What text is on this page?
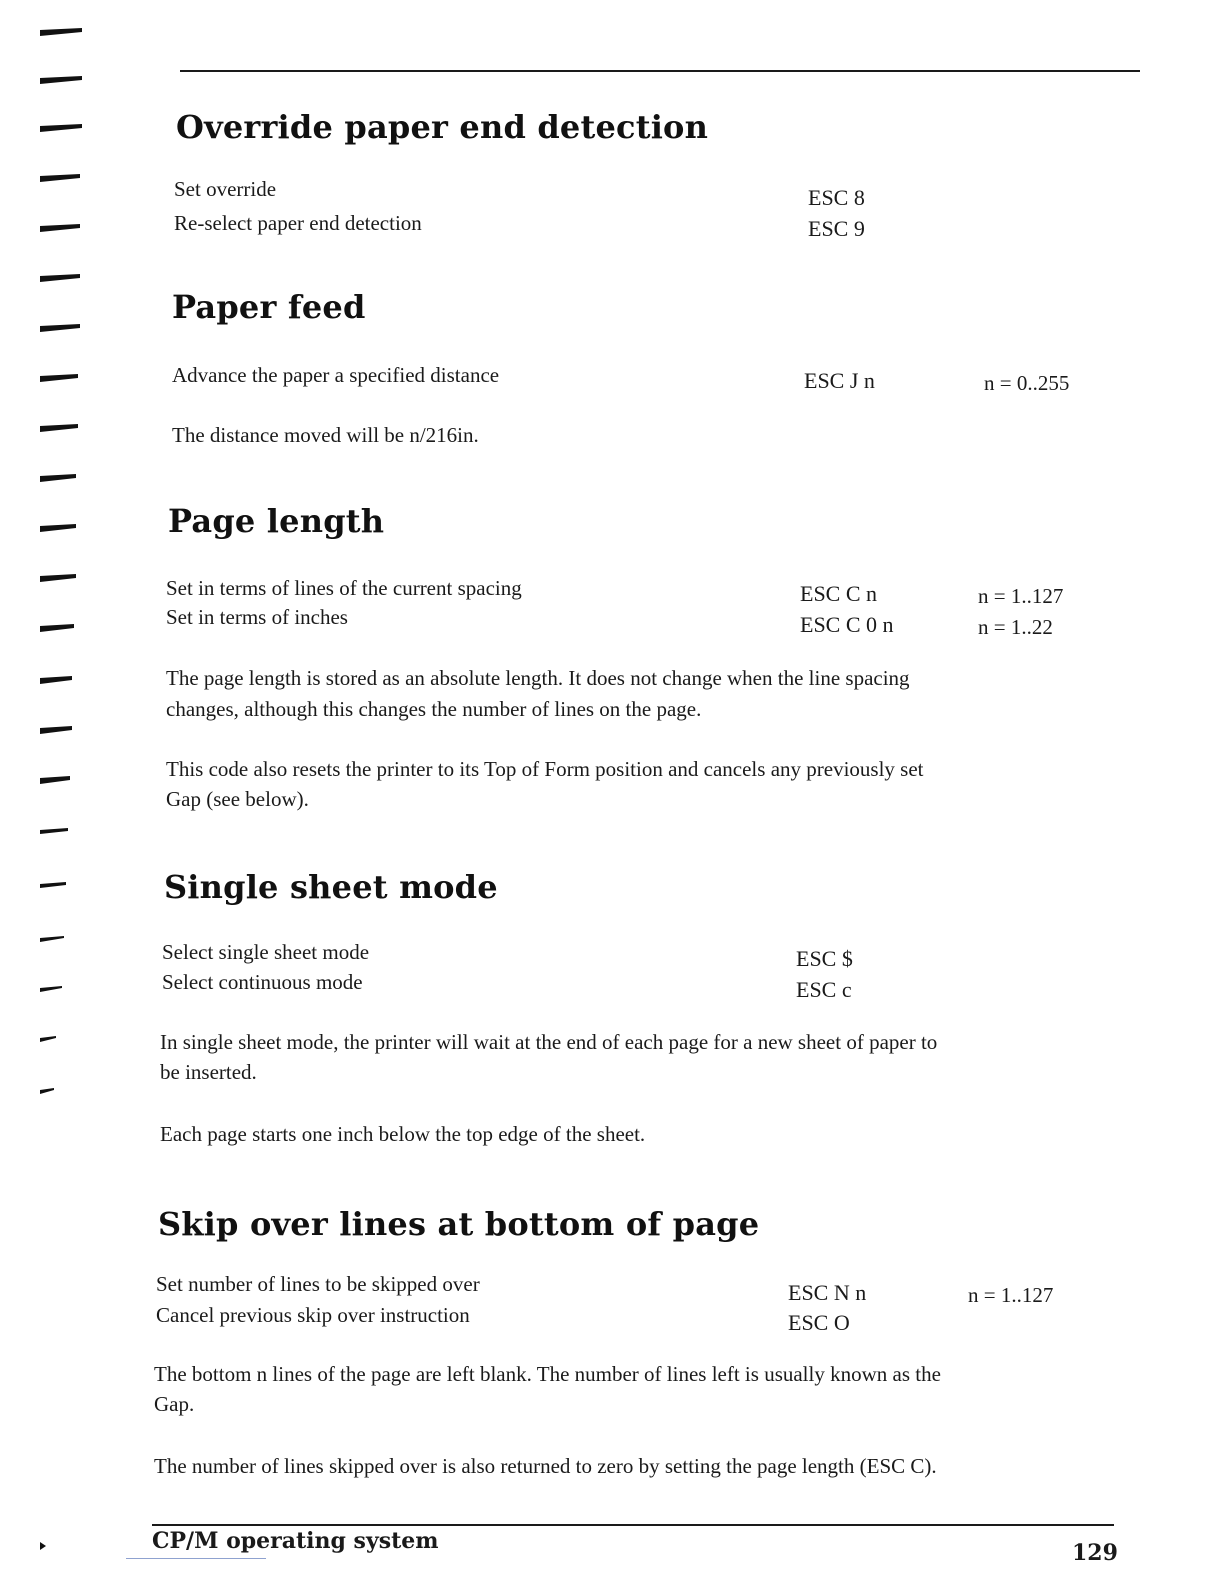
Override paper end detection
Set override	ESC 8
Re-select paper end detection	ESC 9
Paper feed
Advance the paper a specified distance	ESC J n	n = 0..255
The distance moved will be n/216in.
Page length
Set in terms of lines of the current spacing	ESC C n	n = 1..127
Set in terms of inches	ESC C 0 n	n = 1..22
The page length is stored as an absolute length. It does not change when the line spacing
changes, although this changes the number of lines on the page.
This code also resets the printer to its Top of Form position and cancels any previously set
Gap (see below).
Single sheet mode
Select single sheet mode	ESC $
Select continuous mode	ESC c
In single sheet mode, the printer will wait at the end of each page for a new sheet of paper to
be inserted.
Each page starts one inch below the top edge of the sheet.
Skip over lines at bottom of page
Set number of lines to be skipped over	ESC N n	n = 1..127
Cancel previous skip over instruction	ESC O
The bottom n lines of the page are left blank. The number of lines left is usually known as the
Gap.
The number of lines skipped over is also returned to zero by setting the page length (ESC C).
CP/M operating system	129
